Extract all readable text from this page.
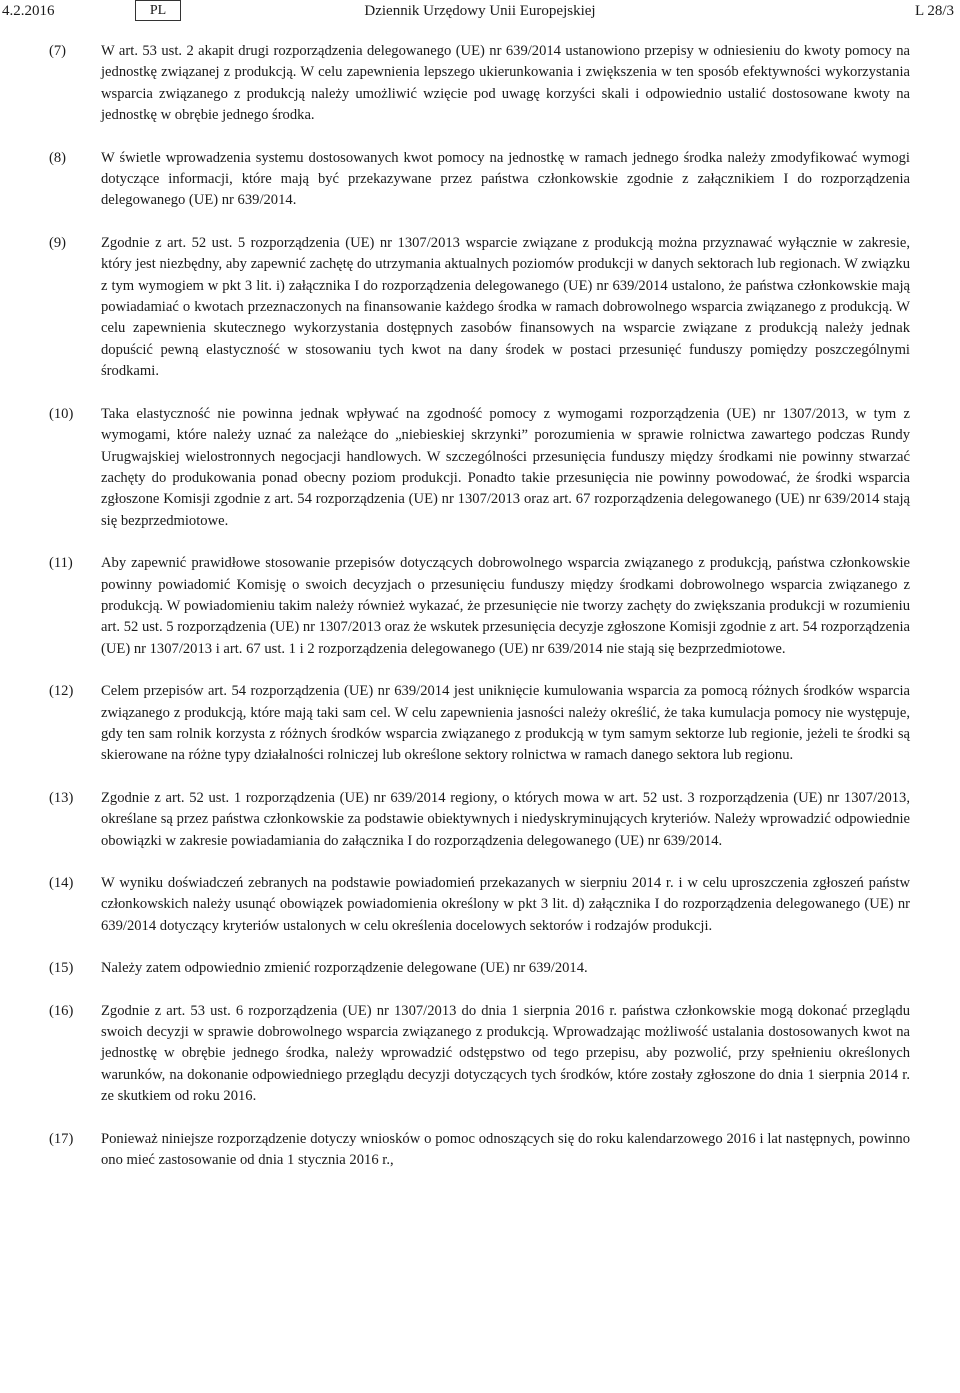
4.2.2016	PL	Dziennik Urzędowy Unii Europejskiej	L 28/3
(7) W art. 53 ust. 2 akapit drugi rozporządzenia delegowanego (UE) nr 639/2014 ustanowiono przepisy w odniesieniu do kwoty pomocy na jednostkę związanej z produkcją. W celu zapewnienia lepszego ukierunkowania i zwiększenia w ten sposób efektywności wykorzystania wsparcia związanego z produkcją należy umożliwić wzięcie pod uwagę korzyści skali i odpowiednio ustalić dostosowane kwoty na jednostkę w obrębie jednego środka.
(8) W świetle wprowadzenia systemu dostosowanych kwot pomocy na jednostkę w ramach jednego środka należy zmodyfikować wymogi dotyczące informacji, które mają być przekazywane przez państwa członkowskie zgodnie z załącznikiem I do rozporządzenia delegowanego (UE) nr 639/2014.
(9) Zgodnie z art. 52 ust. 5 rozporządzenia (UE) nr 1307/2013 wsparcie związane z produkcją można przyznawać wyłącznie w zakresie, który jest niezbędny, aby zapewnić zachętę do utrzymania aktualnych poziomów produkcji w danych sektorach lub regionach. W związku z tym wymogiem w pkt 3 lit. i) załącznika I do rozporządzenia delegowanego (UE) nr 639/2014 ustalono, że państwa członkowskie mają powiadamiać o kwotach przeznaczonych na finansowanie każdego środka w ramach dobrowolnego wsparcia związanego z produkcją. W celu zapewnienia skutecznego wykorzystania dostępnych zasobów finansowych na wsparcie związane z produkcją należy jednak dopuścić pewną elastyczność w stosowaniu tych kwot na dany środek w postaci przesunięć funduszy pomiędzy poszczególnymi środkami.
(10) Taka elastyczność nie powinna jednak wpływać na zgodność pomocy z wymogami rozporządzenia (UE) nr 1307/2013, w tym z wymogami, które należy uznać za należące do „niebieskiej skrzynki” porozumienia w sprawie rolnictwa zawartego podczas Rundy Urugwajskiej wielostronnych negocjacji handlowych. W szczególności przesunięcia funduszy między środkami nie powinny stwarzać zachęty do produkowania ponad obecny poziom produkcji. Ponadto takie przesunięcia nie powinny powodować, że środki wsparcia zgłoszone Komisji zgodnie z art. 54 rozporządzenia (UE) nr 1307/2013 oraz art. 67 rozporządzenia delegowanego (UE) nr 639/2014 stają się bezprzedmiotowe.
(11) Aby zapewnić prawidłowe stosowanie przepisów dotyczących dobrowolnego wsparcia związanego z produkcją, państwa członkowskie powinny powiadomić Komisję o swoich decyzjach o przesunięciu funduszy między środkami dobrowolnego wsparcia związanego z produkcją. W powiadomieniu takim należy również wykazać, że przesunięcie nie tworzy zachęty do zwiększania produkcji w rozumieniu art. 52 ust. 5 rozporządzenia (UE) nr 1307/2013 oraz że wskutek przesunięcia decyzje zgłoszone Komisji zgodnie z art. 54 rozporządzenia (UE) nr 1307/2013 i art. 67 ust. 1 i 2 rozporządzenia delegowanego (UE) nr 639/2014 nie stają się bezprzedmiotowe.
(12) Celem przepisów art. 54 rozporządzenia (UE) nr 639/2014 jest uniknięcie kumulowania wsparcia za pomocą różnych środków wsparcia związanego z produkcją, które mają taki sam cel. W celu zapewnienia jasności należy określić, że taka kumulacja pomocy nie występuje, gdy ten sam rolnik korzysta z różnych środków wsparcia związanego z produkcją w tym samym sektorze lub regionie, jeżeli te środki są skierowane na różne typy działalności rolniczej lub określone sektory rolnictwa w ramach danego sektora lub regionu.
(13) Zgodnie z art. 52 ust. 1 rozporządzenia (UE) nr 639/2014 regiony, o których mowa w art. 52 ust. 3 rozporządzenia (UE) nr 1307/2013, określane są przez państwa członkowskie za podstawie obiektywnych i niedyskryminujących kryteriów. Należy wprowadzić odpowiednie obowiązki w zakresie powiadamiania do załącznika I do rozporządzenia delegowanego (UE) nr 639/2014.
(14) W wyniku doświadczeń zebranych na podstawie powiadomień przekazanych w sierpniu 2014 r. i w celu uproszczenia zgłoszeń państw członkowskich należy usunąć obowiązek powiadomienia określony w pkt 3 lit. d) załącznika I do rozporządzenia delegowanego (UE) nr 639/2014 dotyczący kryteriów ustalonych w celu określenia docelowych sektorów i rodzajów produkcji.
(15) Należy zatem odpowiednio zmienić rozporządzenie delegowane (UE) nr 639/2014.
(16) Zgodnie z art. 53 ust. 6 rozporządzenia (UE) nr 1307/2013 do dnia 1 sierpnia 2016 r. państwa członkowskie mogą dokonać przeglądu swoich decyzji w sprawie dobrowolnego wsparcia związanego z produkcją. Wprowadzając możliwość ustalania dostosowanych kwot na jednostkę w obrębie jednego środka, należy wprowadzić odstępstwo od tego przepisu, aby pozwolić, przy spełnieniu określonych warunków, na dokonanie odpowiedniego przeglądu decyzji dotyczących tych środków, które zostały zgłoszone do dnia 1 sierpnia 2014 r. ze skutkiem od roku 2016.
(17) Ponieważ niniejsze rozporządzenie dotyczy wniosków o pomoc odnoszących się do roku kalendarzowego 2016 i lat następnych, powinno ono mieć zastosowanie od dnia 1 stycznia 2016 r.,
